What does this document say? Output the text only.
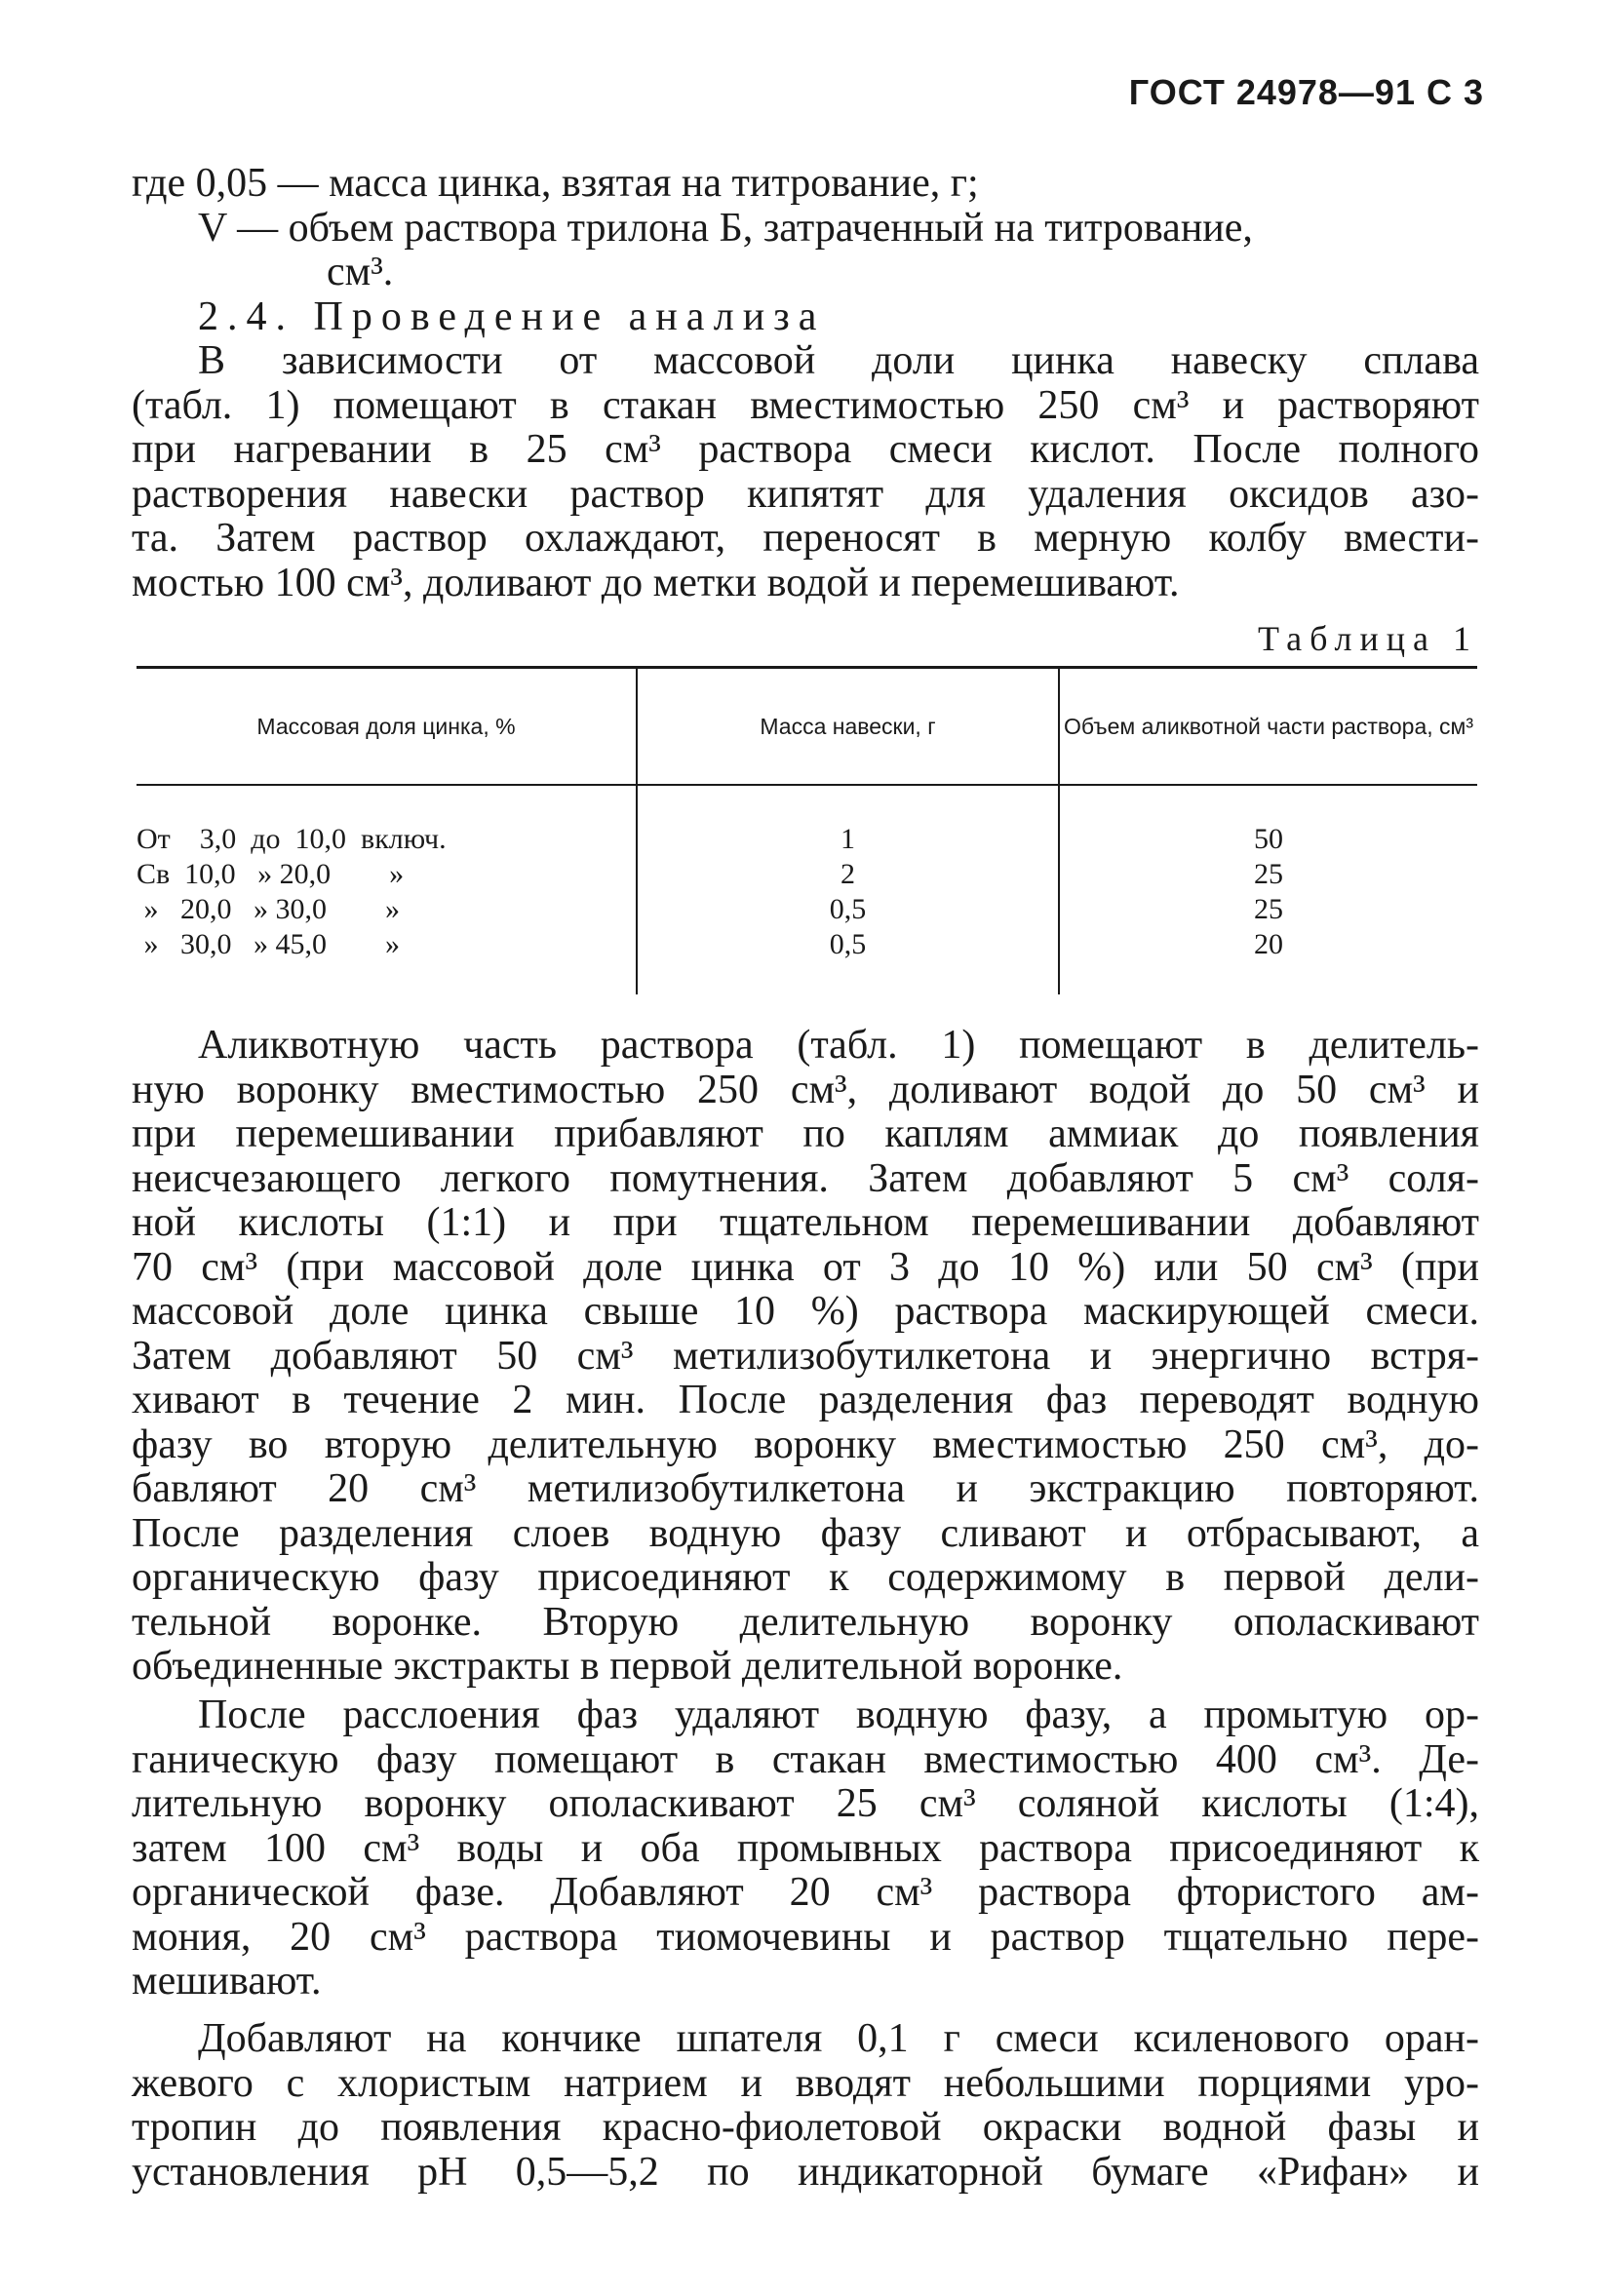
ГОСТ 24978—91 С 3
где 0,05 — масса цинка, взятая на титрование, г;
V — объем раствора трилона Б, затраченный на титрование,
см³.
2.4. Проведение анализа
В зависимости от массовой доли цинка навеску сплава
(табл. 1) помещают в стакан вместимостью 250 см³ и растворяют
при нагревании в 25 см³ раствора смеси кислот. После полного
растворения навески раствор кипятят для удаления оксидов азо-
та. Затем раствор охлаждают, переносят в мерную колбу вмести-
мостью 100 см³, доливают до метки водой и перемешивают.
Таблица 1
Массовая доля цинка, %	Масса навески, г	Объем аликвотной части раствора, см³
От    3,0  до  10,0  включ.
Св  10,0   » 20,0        »
»   20,0   » 30,0        »
»   30,0   » 45,0        »
1
2
0,5
0,5
50
25
25
20
Аликвотную часть раствора (табл. 1) помещают в делитель-
ную воронку вместимостью 250 см³, доливают водой до 50 см³ и
при перемешивании прибавляют по каплям аммиак до появления
неисчезающего легкого помутнения. Затем добавляют 5 см³ соля-
ной кислоты (1:1) и при тщательном перемешивании добавляют
70 см³ (при массовой доле цинка от 3 до 10 %) или 50 см³ (при
массовой доле цинка свыше 10 %) раствора маскирующей смеси.
Затем добавляют 50 см³ метилизобутилкетона и энергично встря-
хивают в течение 2 мин. После разделения фаз переводят водную
фазу во вторую делительную воронку вместимостью 250 см³, до-
бавляют 20 см³ метилизобутилкетона и экстракцию повторяют.
После разделения слоев водную фазу сливают и отбрасывают, а
органическую фазу присоединяют к содержимому в первой дели-
тельной воронке. Вторую делительную воронку ополаскивают
объединенные экстракты в первой делительной воронке.
После расслоения фаз удаляют водную фазу, а промытую ор-
ганическую фазу помещают в стакан вместимостью 400 см³. Де-
лительную воронку ополаскивают 25 см³ соляной кислоты (1:4),
затем 100 см³ воды и оба промывных раствора присоединяют к
органической фазе. Добавляют 20 см³ раствора фтористого ам-
мония, 20 см³ раствора тиомочевины и раствор тщательно пере-
мешивают.
Добавляют на кончике шпателя 0,1 г смеси ксиленового оран-
жевого с хлористым натрием и вводят небольшими порциями уро-
тропин до появления красно-фиолетовой окраски водной фазы и
установления рН 0,5—5,2 по индикаторной бумаге «Рифан» и
